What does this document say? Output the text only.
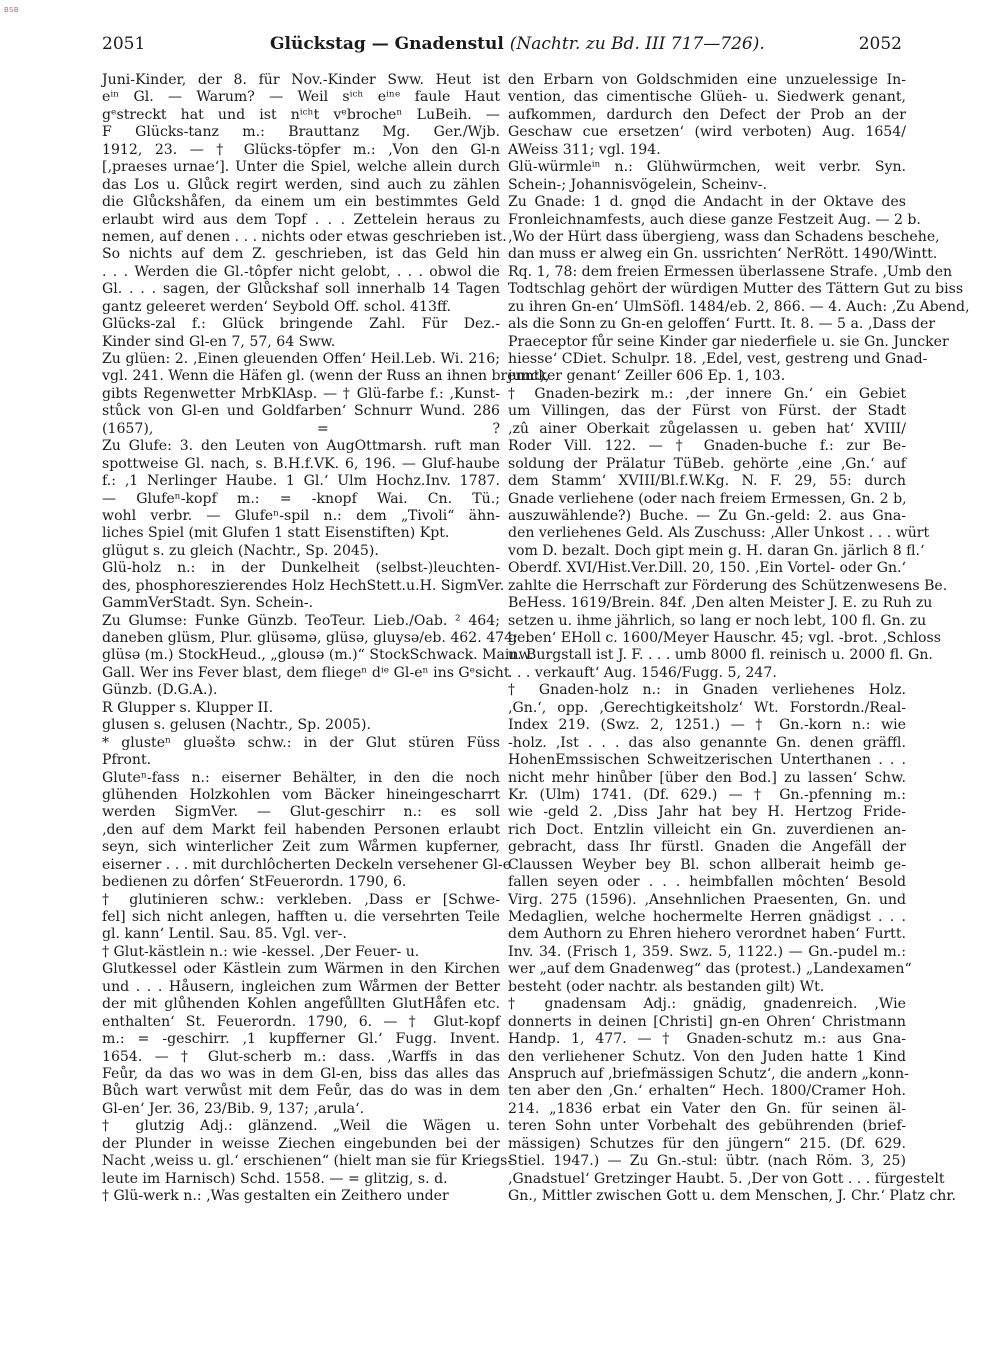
BSB
2051	Glückstag — Gnadenstul (Nachtr. zu Bd. III 717—726).	2052
Juni-Kinder, der 8. für Nov.-Kinder Sww. Heut ist
eⁱⁿ Gl. — Warum? — Weil sⁱᶜʰ eⁱⁿᵉ faule Haut
gᵉstreckt hat und ist nⁱᶜʰt vᵉbrocheⁿ LuBeih. —
F Glücks-tanz m.: Brauttanz Mg. Ger./Wjb.
1912, 23. — † Glücks-töpfer m.: ‚Von den Gl-n
[‚praeses urnae‘]. Unter die Spiel, welche allein durch
das Los u. Glůck regirt werden, sind auch zu zählen
die Glůckshåfen, da einem um ein bestimmtes Geld
erlaubt wird aus dem Topf . . . Zettelein heraus zu
nemen, auf denen . . . nichts oder etwas geschrieben ist.
So nichts auf dem Z. geschrieben, ist das Geld hin
. . . Werden die Gl.-tôpfer nicht gelobt, . . . obwol die
Gl. . . . sagen, der Glůckshaf soll innerhalb 14 Tagen
gantz geleeret werden‘ Seybold Off. schol. 413ff.
Glücks-zal f.: Glück bringende Zahl. Für Dez.-
Kinder sind Gl-en 7, 57, 64 Sww.
Zu glüen: 2. ‚Einen gleuenden Offen‘ Heil.Leb. Wi. 216;
vgl. 241. Wenn die Häfen gl. (wenn der Russ an ihnen brennt),
gibts Regenwetter MrbKlAsp. — † Glü-farbe f.: ‚Kunst-
stůck von Gl-en und Goldfarben‘ Schnurr Wund. 286
(1657), = ?
Zu Glufe: 3. den Leuten von AugOttmarsh. ruft man
spottweise Gl. nach, s. B.H.f.VK. 6, 196. — Gluf-haube
f.: ‚1 Nerlinger Haube. 1 Gl.‘ Ulm Hochz.Inv. 1787.
— Glufeⁿ-kopf m.: = -knopf Wai. Cn. Tü.;
wohl verbr. — Glufeⁿ-spil n.: dem „Tivoli“ ähn-
liches Spiel (mit Glufen 1 statt Eisenstiften) Kpt.
glügut s. zu gleich (Nachtr., Sp. 2045).
Glü-holz n.: in der Dunkelheit (selbst-)leuchten-
des, phosphoreszierendes Holz HechStett.u.H. SigmVer.
GammVerStadt. Syn. Schein-.
Zu Glumse: Funke Günzb. TeoTeur. Lieb./Oab. ² 464;
daneben glüsm, Plur. glüsəmə, glüsə, gluysə/eb. 462. 474;
glüsə (m.) StockHeud., „glousə (m.)“ StockSchwack. Mainw.
Gall. Wer ins Fever blast, dem fliegeⁿ dⁱᵉ Gl-eⁿ ins Gᵉsicht
Günzb. (D.G.A.).
R Glupper s. Klupper II.
glusen s. gelusen (Nachtr., Sp. 2005).
* glusteⁿ gluəštə schw.: in der Glut stüren Füss
Pfront.
Gluteⁿ-fass n.: eiserner Behälter, in den die noch
glühenden Holzkohlen vom Bäcker hineingescharrt
werden SigmVer. — Glut-geschirr n.: es soll
‚den auf dem Markt feil habenden Personen erlaubt
seyn, sich winterlicher Zeit zum Wårmen kupferner,
eiserner . . . mit durchlôcherten Deckeln versehener Gl-e
bedienen zu dôrfen‘ StFeuerordn. 1790, 6.
† glutinieren schw.: verkleben. ‚Dass er [Schwe-
fel] sich nicht anlegen, hafften u. die versehrten Teile
gl. kann‘ Lentil. Sau. 85. Vgl. ver-.
† Glut-kästlein n.: wie -kessel. ‚Der Feuer- u.
Glutkessel oder Kästlein zum Wärmen in den Kirchen
und . . . Håusern, ingleichen zum Wårmen der Better
der mit glůhenden Kohlen angefůllten GlutHåfen etc.
enthalten‘ St. Feuerordn. 1790, 6. — † Glut-kopf
m.: = -geschirr. ‚1 kupfferner Gl.‘ Fugg. Invent.
1654. — † Glut-scherb m.: dass. ‚Warffs in das
Feůr, da das wo was in dem Gl-en, biss das alles das
Bůch wart verwůst mit dem Feůr, das do was in dem
Gl-en‘ Jer. 36, 23/Bib. 9, 137; ‚arula‘.
† glutzig Adj.: glänzend. „Weil die Wägen u.
der Plunder in weisse Ziechen eingebunden bei der
Nacht ‚weiss u. gl.‘ erschienen“ (hielt man sie für Kriegs-
leute im Harnisch) Schd. 1558. — = glitzig, s. d.
† Glü-werk n.: ‚Was gestalten ein Zeithero under
den Erbarn von Goldschmiden eine unzuelessige In-
vention, das cimentische Glüeh- u. Siedwerk genant,
aufkommen, dardurch den Defect der Prob an der
Geschaw cue ersetzen‘ (wird verboten) Aug. 1654/
AWeiss 311; vgl. 194.
Glü-würmleⁱⁿ n.: Glühwürmchen, weit verbr. Syn.
Schein-; Johannisvögelein, Scheinv-.
Zu Gnade: 1 d. gnǫd die Andacht in der Oktave des
Fronleichnamfests, auch diese ganze Festzeit Aug. — 2 b.
‚Wo der Hürt dass übergieng, wass dan Schadens beschehe,
dan muss er alweg ein Gn. ussrichten‘ NerRött. 1490/Wintt.
Rq. 1, 78: dem freien Ermessen überlassene Strafe. ‚Umb den
Todtschlag gehört der würdigen Mutter des Tättern Gut zu biss
zu ihren Gn-en‘ UlmSöfl. 1484/eb. 2, 866. — 4. Auch: ‚Zu Abend,
als die Sonn zu Gn-en geloffen‘ Furtt. It. 8. — 5 a. ‚Dass der
Praeceptor fůr seine Kinder gar niederfiele u. sie Gn. Juncker
hiesse‘ CDiet. Schulpr. 18. ‚Edel, vest, gestreng und Gnad-
juncker genant‘ Zeiller 606 Ep. 1, 103.
† Gnaden-bezirk m.: ‚der innere Gn.‘ ein Gebiet
um Villingen, das der Fürst von Fürst. der Stadt
‚zû ainer Oberkait zůgelassen u. geben hat‘ XVIII/
Roder Vill. 122. — † Gnaden-buche f.: zur Be-
soldung der Prälatur TüBeb. gehörte ‚eine ‚Gn.‘ auf
dem Stamm‘ XVIII/Bl.f.W.Kg. N. F. 29, 55: durch
Gnade verliehene (oder nach freiem Ermessen, Gn. 2 b,
auszuwählende?) Buche. — Zu Gn.-geld: 2. aus Gna-
den verliehenes Geld. Als Zuschuss: ‚Aller Unkost . . . würt
vom D. bezalt. Doch gipt mein g. H. daran Gn. järlich 8 fl.‘
Oberdf. XVI/Hist.Ver.Dill. 20, 150. ‚Ein Vortel- oder Gn.‘
zahlte die Herrschaft zur Förderung des Schützenwesens Be.
BeHess. 1619/Brein. 84f. ‚Den alten Meister J. E. zu Ruh zu
setzen u. ihme jährlich, so lang er noch lebt, 100 fl. Gn. zu
geben‘ EHoll c. 1600/Meyer Hauschr. 45; vgl. -brot. ‚Schloss
u. Burgstall ist J. F. . . . umb 8000 fl. reinisch u. 2000 fl. Gn.
. . . verkauft‘ Aug. 1546/Fugg. 5, 247.
† Gnaden-holz n.: in Gnaden verliehenes Holz.
‚Gn.‘, opp. ‚Gerechtigkeitsholz‘ Wt. Forstordn./Real-
Index 219. (Swz. 2, 1251.) — † Gn.-korn n.: wie
-holz. ‚Ist . . . das also genannte Gn. denen gräffl.
HohenEmssischen Schweitzerischen Unterthanen . . .
nicht mehr hinůber [über den Bod.] zu lassen‘ Schw.
Kr. (Ulm) 1741. (Df. 629.) — † Gn.-pfenning m.:
wie -geld 2. ‚Diss Jahr hat bey H. Hertzog Fride-
rich Doct. Entzlin villeicht ein Gn. zuverdienen an-
gebracht, dass Ihr fürstl. Gnaden die Angefäll der
Claussen Weyber bey Bl. schon allberait heimb ge-
fallen seyen oder . . . heimbfallen môchten‘ Besold
Virg. 275 (1596). ‚Ansehnlichen Praesenten, Gn. und
Medaglien, welche hochermelte Herren gnädigst . . .
dem Authorn zu Ehren hiehero verordnet haben‘ Furtt.
Inv. 34. (Frisch 1, 359. Swz. 5, 1122.) — Gn.-pudel m.:
wer „auf dem Gnadenweg“ das (protest.) „Landexamen“
besteht (oder nachtr. als bestanden gilt) Wt.
† gnadensam Adj.: gnädig, gnadenreich. ‚Wie
donnerts in deinen [Christi] gn-en Ohren‘ Christmann
Handp. 1, 477. — † Gnaden-schutz m.: aus Gna-
den verliehener Schutz. Von den Juden hatte 1 Kind
Anspruch auf ‚briefmässigen Schutz‘, die andern „konn-
ten aber den ‚Gn.‘ erhalten“ Hech. 1800/Cramer Hoh.
214. „1836 erbat ein Vater den Gn. für seinen äl-
teren Sohn unter Vorbehalt des gebührenden (brief-
mässigen) Schutzes für den jüngern“ 215. (Df. 629.
Stiel. 1947.) — Zu Gn.-stul: übtr. (nach Röm. 3, 25)
‚Gnadstuel‘ Gretzinger Haubt. 5. ‚Der von Gott . . . fürgestelt
Gn., Mittler zwischen Gott u. dem Menschen, J. Chr.‘ Platz chr.
